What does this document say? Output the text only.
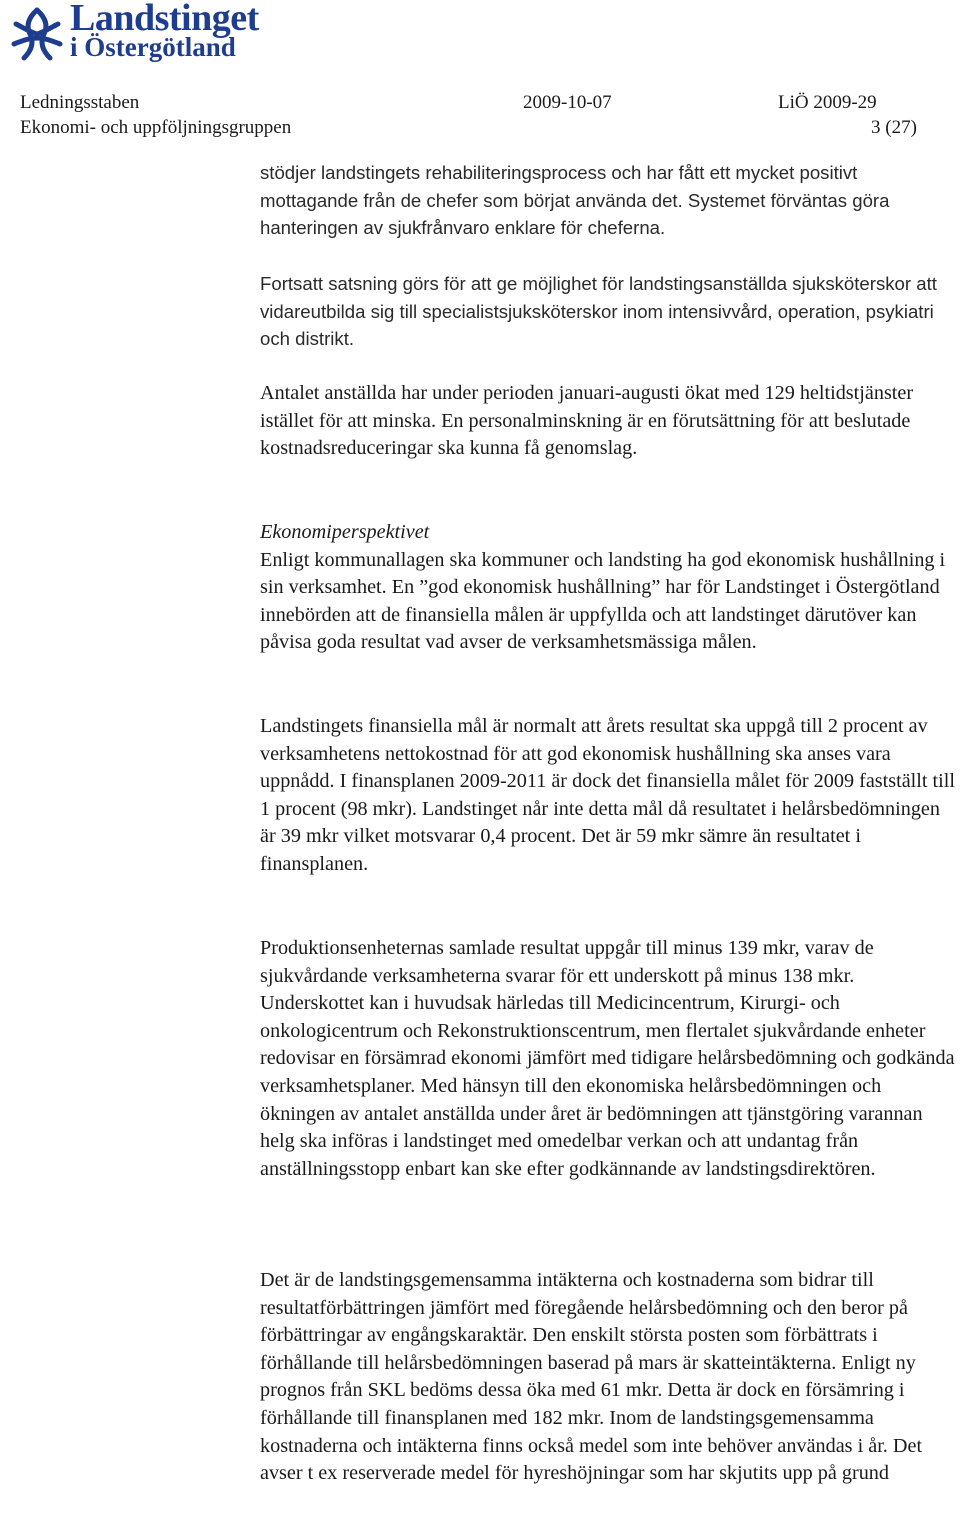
Landstinget
i Östergötland
Ledningsstaben	2009-10-07	LiÖ 2009-29
Ekonomi- och uppföljningsgruppen	3 (27)

stödjer landstingets rehabiliteringsprocess och har fått ett mycket positivt mottagande från de chefer som börjat använda det. Systemet förväntas göra hanteringen av sjukfrånvaro enklare för cheferna.

Fortsatt satsning görs för att ge möjlighet för landstingsanställda sjuksköterskor att vidareutbilda sig till specialistsjuksköterskor inom intensivvård, operation, psykiatri och distrikt.

Antalet anställda har under perioden januari-augusti ökat med 129 heltidstjänster istället för att minska. En personalminskning är en förutsättning för att beslutade kostnadsreduceringar ska kunna få genomslag.

Ekonomiperspektivet

Enligt kommunallagen ska kommuner och landsting ha god ekonomisk hushållning i sin verksamhet. En ”god ekonomisk hushållning” har för Landstinget i Östergötland innebörden att de finansiella målen är uppfyllda och att landstinget därutöver kan påvisa goda resultat vad avser de verksamhetsmässiga målen.

Landstingets finansiella mål är normalt att årets resultat ska uppgå till 2 procent av verksamhetens nettokostnad för att god ekonomisk hushållning ska anses vara uppnådd. I finansplanen 2009-2011 är dock det finansiella målet för 2009 fastställt till 1 procent (98 mkr). Landstinget når inte detta mål då resultatet i helårsbedömningen är 39 mkr vilket motsvarar 0,4 procent. Det är 59 mkr sämre än resultatet i finansplanen.

Produktionsenheternas samlade resultat uppgår till minus 139 mkr, varav de sjukvårdande verksamheterna svarar för ett underskott på minus 138 mkr. Underskottet kan i huvudsak härledas till Medicincentrum, Kirurgi- och onkologicentrum och Rekonstruktionscentrum, men flertalet sjukvårdande enheter redovisar en försämrad ekonomi jämfört med tidigare helårsbedömning och godkända verksamhetsplaner. Med hänsyn till den ekonomiska helårsbedömningen och ökningen av antalet anställda under året är bedömningen att tjänstgöring varannan helg ska införas i landstinget med omedelbar verkan och att undantag från anställningsstopp enbart kan ske efter godkännande av landstingsdirektören.

Det är de landstingsgemensamma intäkterna och kostnaderna som bidrar till resultatförbättringen jämfört med föregående helårsbedömning och den beror på förbättringar av engångskaraktär. Den enskilt största posten som förbättrats i förhållande till helårsbedömningen baserad på mars är skatteintäkterna. Enligt ny prognos från SKL bedöms dessa öka med 61 mkr. Detta är dock en försämring i förhållande till finansplanen med 182 mkr. Inom de landstingsgemensamma kostnaderna och intäkterna finns också medel som inte behöver användas i år. Det avser t ex reserverade medel för hyreshöjningar som har skjutits upp på grund
